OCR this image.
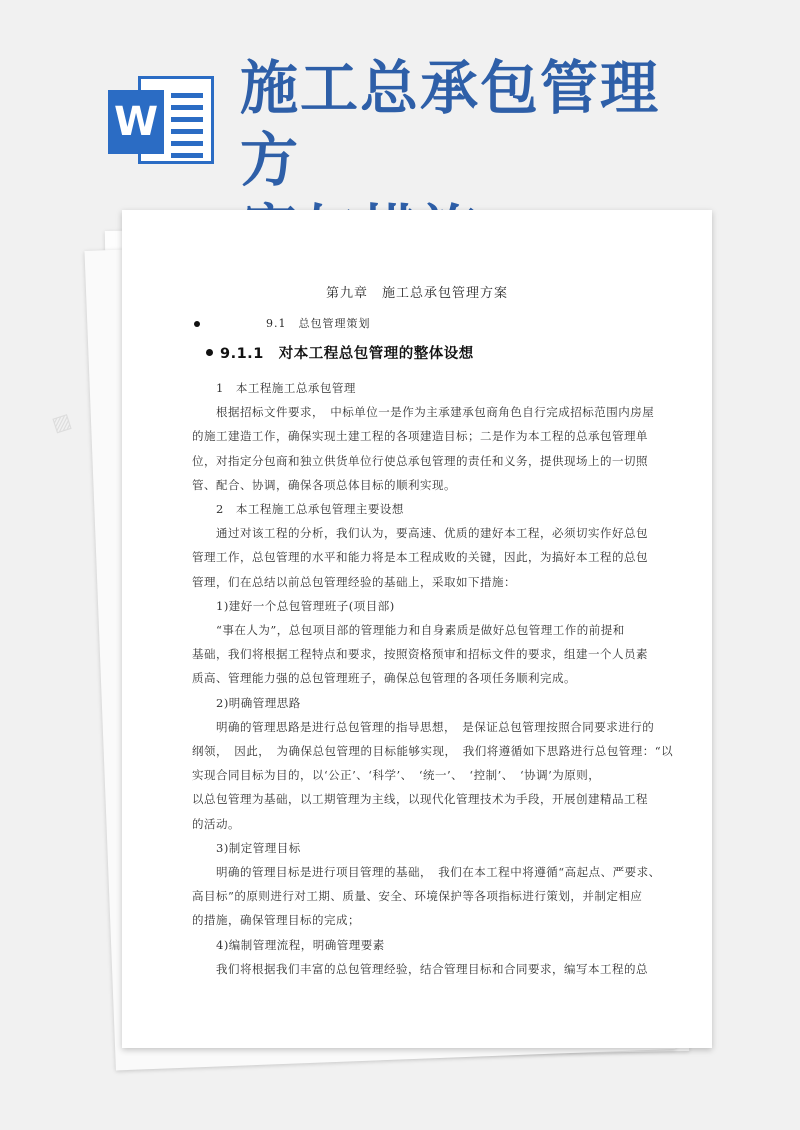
W 施工总承包管理方
第九章　施工总承包管理方案
9.1　总包管理策划
9.1.1　对本工程总包管理的整体设想
1　本工程施工总承包管理
根据招标文件要求，　中标单位一是作为主承建承包商角色自行完成招标范围内房屋
的施工建造工作，确保实现土建工程的各项建造目标；二是作为本工程的总承包管理单
位，对指定分包商和独立供货单位行使总承包管理的责任和义务，提供现场上的一切照
管、配合、协调，确保各项总体目标的顺利实现。
2　本工程施工总承包管理主要设想
通过对该工程的分析，我们认为，要高速、优质的建好本工程，必须切实作好总包
管理工作，总包管理的水平和能力将是本工程成败的关键，因此，为搞好本工程的总包
管理，们在总结以前总包管理经验的基础上，采取如下措施：
1)建好一个总包管理班子(项目部)
“事在人为”，总包项目部的管理能力和自身素质是做好总包管理工作的前提和
基础，我们将根据工程特点和要求，按照资格预审和招标文件的要求，组建一个人员素
质高、管理能力强的总包管理班子，确保总包管理的各项任务顺利完成。
2)明确管理思路
明确的管理思路是进行总包管理的指导思想，　是保证总包管理按照合同要求进行的
纲领，　因此，　为确保总包管理的目标能够实现，　我们将遵循如下思路进行总包管理：“以
实现合同目标为目的，以‘公正’、‘科学’、　‘统一’、　‘控制’、　‘协调’为原则，
以总包管理为基础，以工期管理为主线，以现代化管理技术为手段，开展创建精品工程
的活动。
3)制定管理目标
明确的管理目标是进行项目管理的基础，　我们在本工程中将遵循“高起点、严要求、
高目标”的原则进行对工期、质量、安全、环境保护等各项指标进行策划，并制定相应
的措施，确保管理目标的完成；
4)编制管理流程，明确管理要素
我们将根据我们丰富的总包管理经验，结合管理目标和合同要求，编写本工程的总
▨
